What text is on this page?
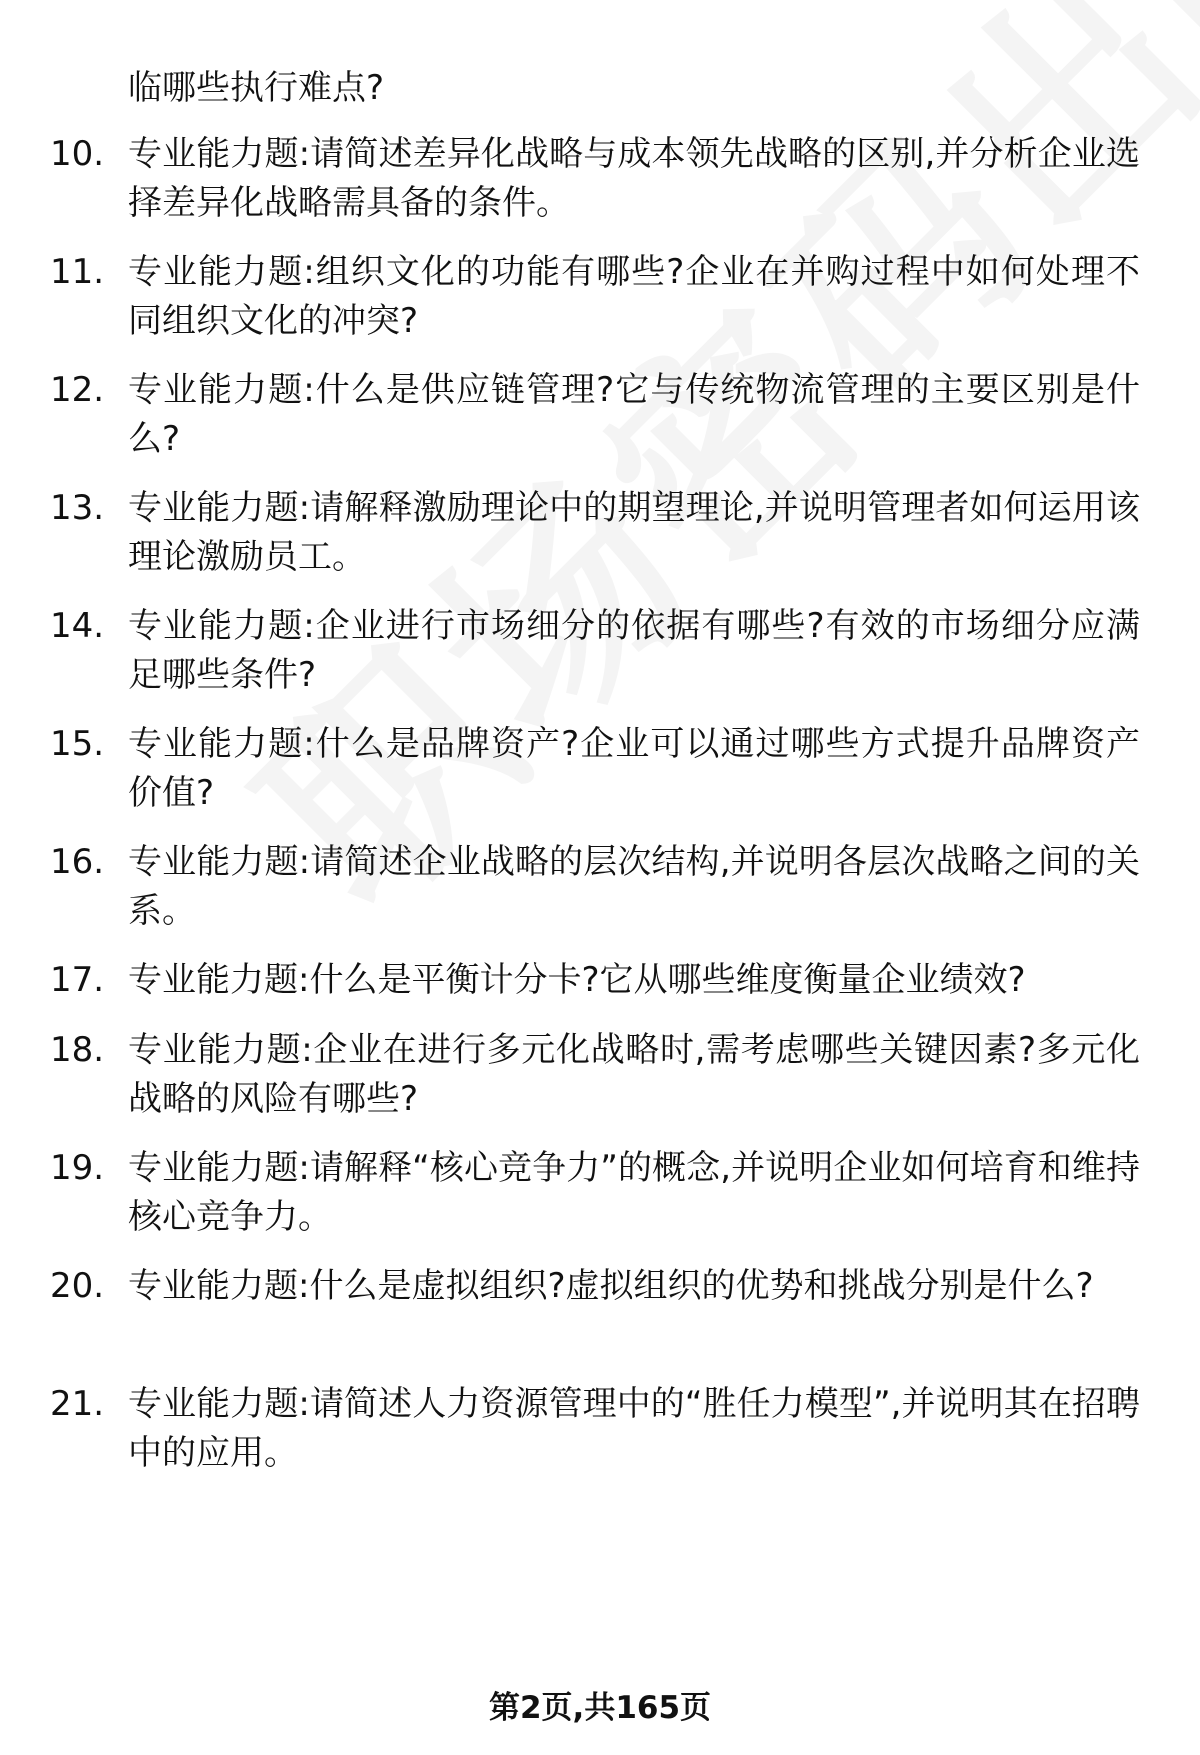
临哪些执行难点?

10. 专业能力题:请简述差异化战略与成本领先战略的区别,并分析企业选择差异化战略需具备的条件。
11. 专业能力题:组织文化的功能有哪些?企业在并购过程中如何处理不同组织文化的冲突?
12. 专业能力题:什么是供应链管理?它与传统物流管理的主要区别是什么?
13. 专业能力题:请解释激励理论中的期望理论,并说明管理者如何运用该理论激励员工。
14. 专业能力题:企业进行市场细分的依据有哪些?有效的市场细分应满足哪些条件?
15. 专业能力题:什么是品牌资产?企业可以通过哪些方式提升品牌资产价值?
16. 专业能力题:请简述企业战略的层次结构,并说明各层次战略之间的关系。
17. 专业能力题:什么是平衡计分卡?它从哪些维度衡量企业绩效?
18. 专业能力题:企业在进行多元化战略时,需考虑哪些关键因素?多元化战略的风险有哪些?
19. 专业能力题:请解释“核心竞争力”的概念,并说明企业如何培育和维持核心竞争力。
20. 专业能力题:什么是虚拟组织?虚拟组织的优势和挑战分别是什么?
21. 专业能力题:请简述人力资源管理中的“胜任力模型”,并说明其在招聘中的应用。
第2页,共165页
